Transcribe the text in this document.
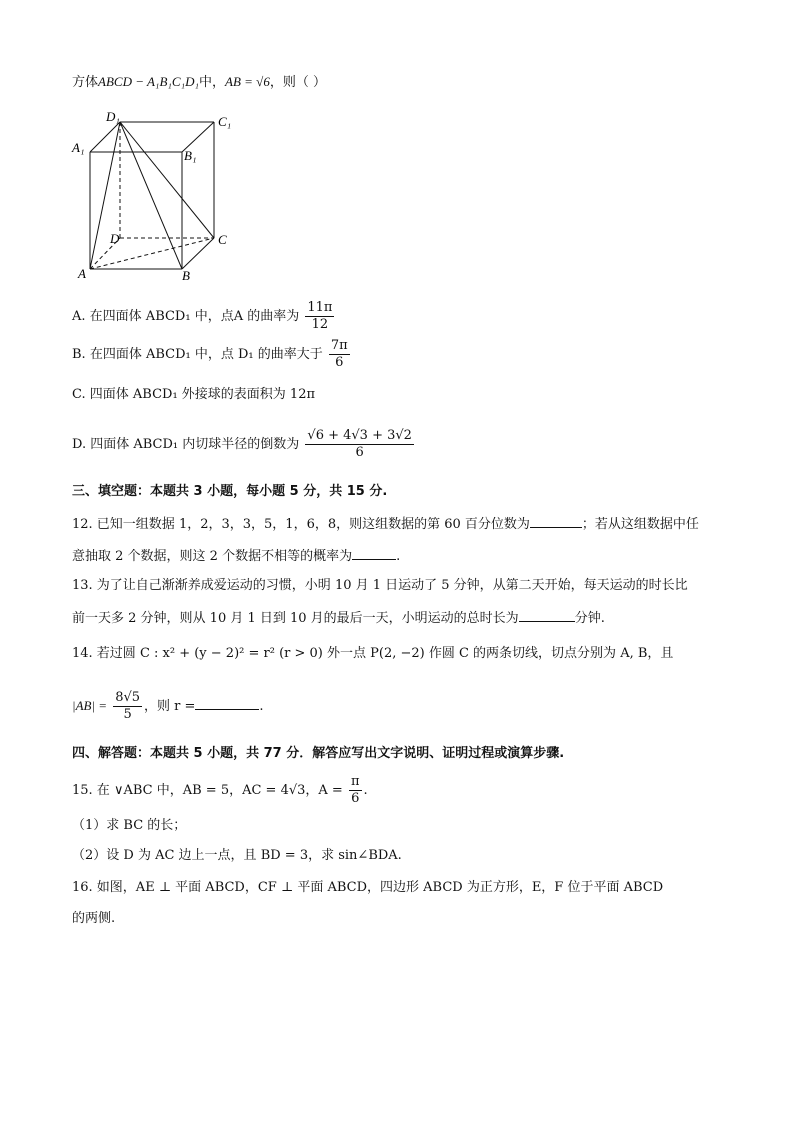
方体ABCD − A₁B₁C₁D₁中，AB = √6，则（ ）
D₁	C₁
A₁
B₁
D	C
A	B
A. 在四面体 ABCD₁ 中，点A 的曲率为 $\frac{11\pi}{12}$
B. 在四面体 ABCD₁ 中，点 D₁ 的曲率大于 $\frac{7\pi}{6}$
C. 四面体 ABCD₁ 外接球的表面积为 12π
D. 四面体 ABCD₁ 内切球半径的倒数为 $\frac{√6 + 4√3 + 3√2}{6}$
三、填空题：本题共 3 小题，每小题 5 分，共 15 分.
12. 已知一组数据 1，2，3，3，5，1，6，8，则这组数据的第 60 百分位数为	；若从这组数据中任
意抽取 2 个数据，则这 2 个数据不相等的概率为	.
13. 为了让自己渐渐养成爱运动的习惯，小明 10 月 1 日运动了 5 分钟，从第二天开始，每天运动的时长比
前一天多 2 分钟，则从 10 月 1 日到 10 月的最后一天，小明运动的总时长为	分钟.
14. 若过圆 C : x² + (y − 2)² = r² (r > 0) 外一点 P(2, −2) 作圆 C 的两条切线，切点分别为 A, B，且
$|AB| = \frac{8√5}{5}$ ，则 r =	.
四、解答题：本题共 5 小题，共 77 分．解答应写出文字说明、证明过程或演算步骤.
15. 在 ∨ABC 中，AB = 5，AC = 4√3，$A = \frac{\pi}{6}$ .
（1）求 BC 的长；
（2）设 D 为 AC 边上一点，且 BD = 3，求 sin∠BDA.
16. 如图，AE ⊥ 平面 ABCD，CF ⊥ 平面 ABCD，四边形 ABCD 为正方形，E，F 位于平面 ABCD
的两侧.
